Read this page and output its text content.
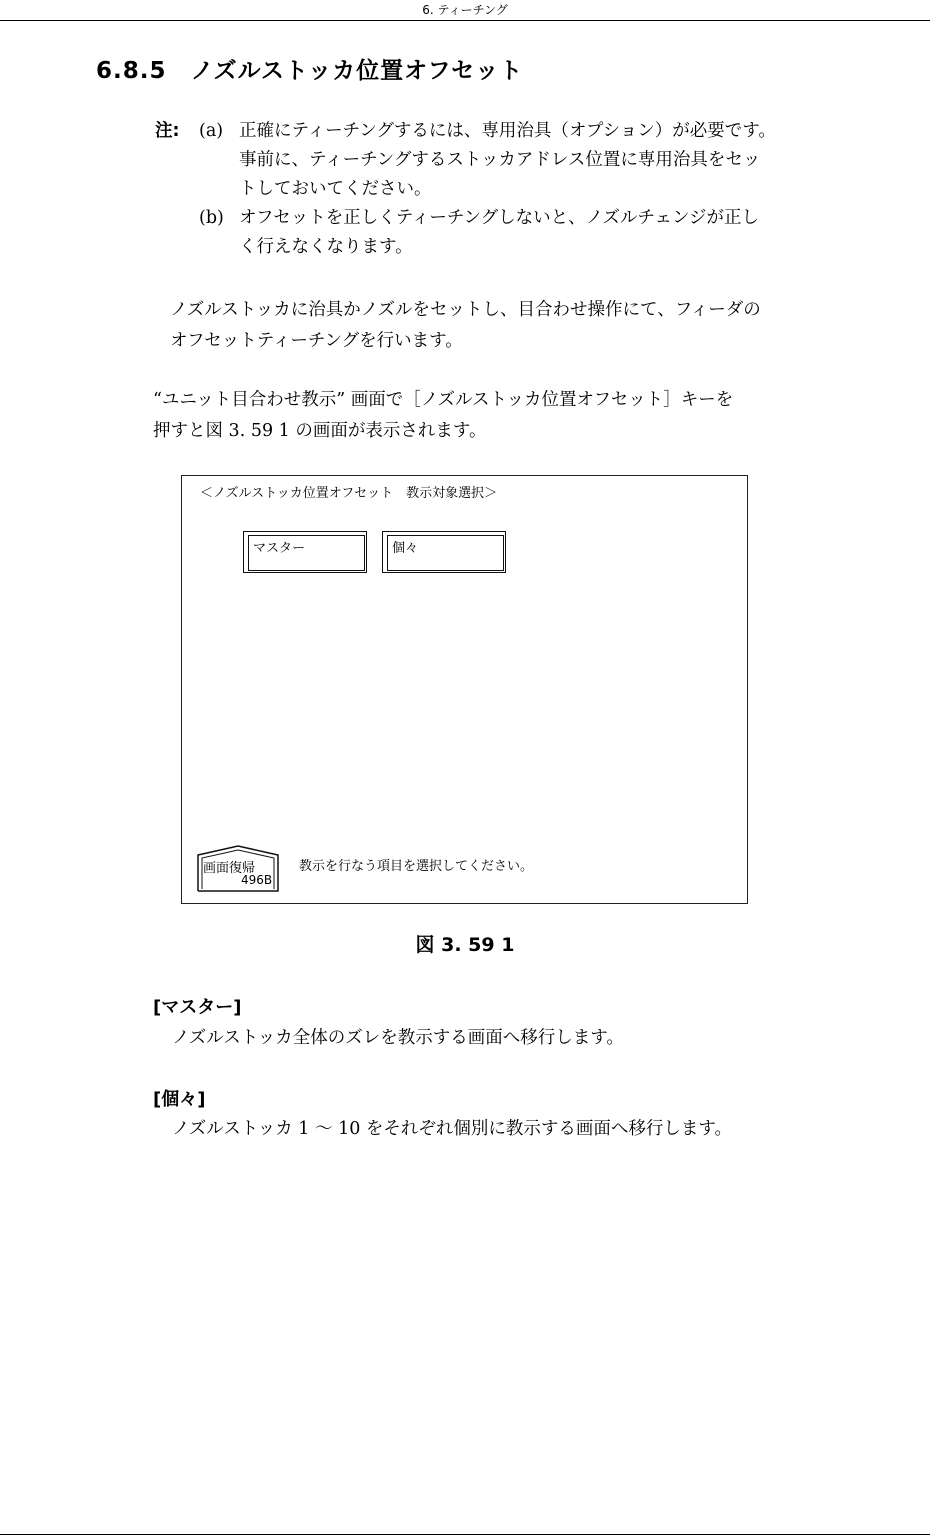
6. ティーチング
6.8.5　ノズルストッカ位置オフセット
注:	(a) 正確にティーチングするには、専用治具（オプション）が必要です。
事前に、ティーチングするストッカアドレス位置に専用治具をセッ
トしておいてください。
(b) オフセットを正しくティーチングしないと、ノズルチェンジが正し
く行えなくなります。
ノズルストッカに治具かノズルをセットし、目合わせ操作にて、フィーダの
オフセットティーチングを行います。
“ユニット目合わせ教示” 画面で［ノズルストッカ位置オフセット］キーを
押すと図 3. 59 1 の画面が表示されます。
＜ノズルストッカ位置オフセット　教示対象選択＞
マスター	個々
画面復帰
496B
教示を行なう項目を選択してください。
図 3. 59 1
[マスター]
ノズルストッカ全体のズレを教示する画面へ移行します。
[個々]
ノズルストッカ 1 ～ 10 をそれぞれ個別に教示する画面へ移行します。
